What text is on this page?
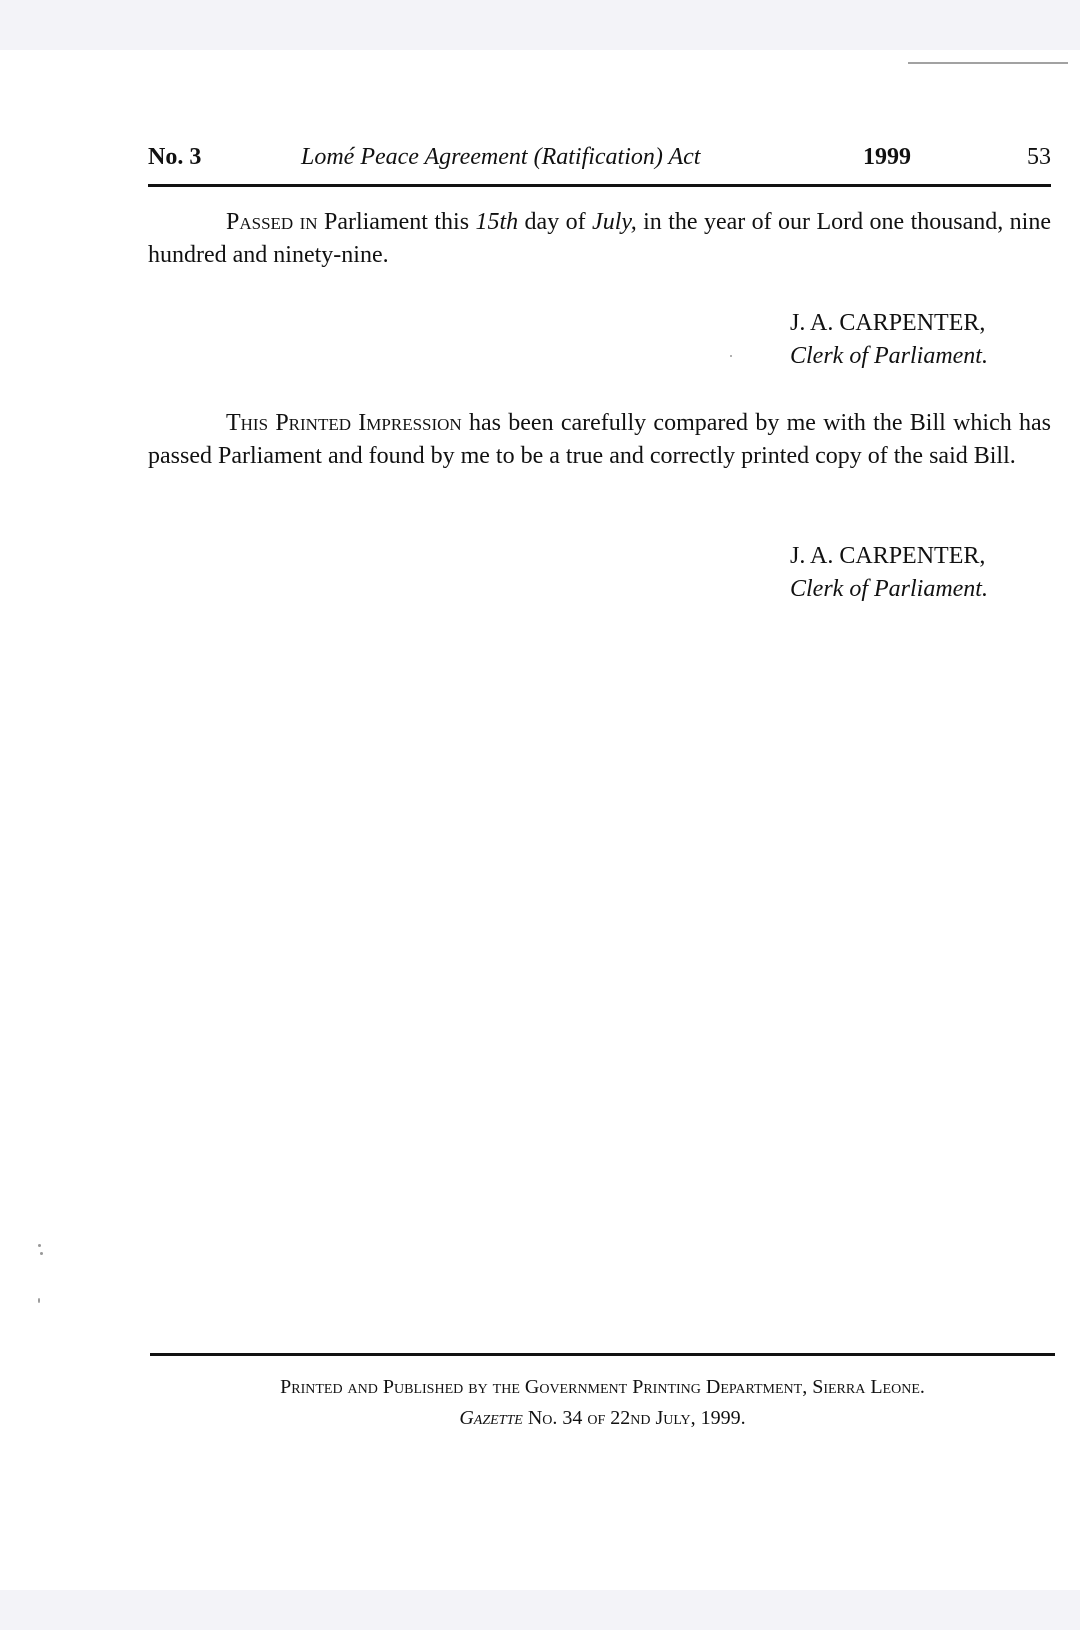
No. 3	Lomé Peace Agreement (Ratification) Act	1999	53
Passed in Parliament this 15th day of July, in the year of our Lord one thousand, nine hundred and ninety-nine.
J. A. CARPENTER,
Clerk of Parliament.
This Printed Impression has been carefully compared by me with the Bill which has passed Parliament and found by me to be a true and correctly printed copy of the said Bill.
J. A. CARPENTER,
Clerk of Parliament.
Printed and Published by the Government Printing Department, Sierra Leone.
Gazette No. 34 of 22nd July, 1999.
